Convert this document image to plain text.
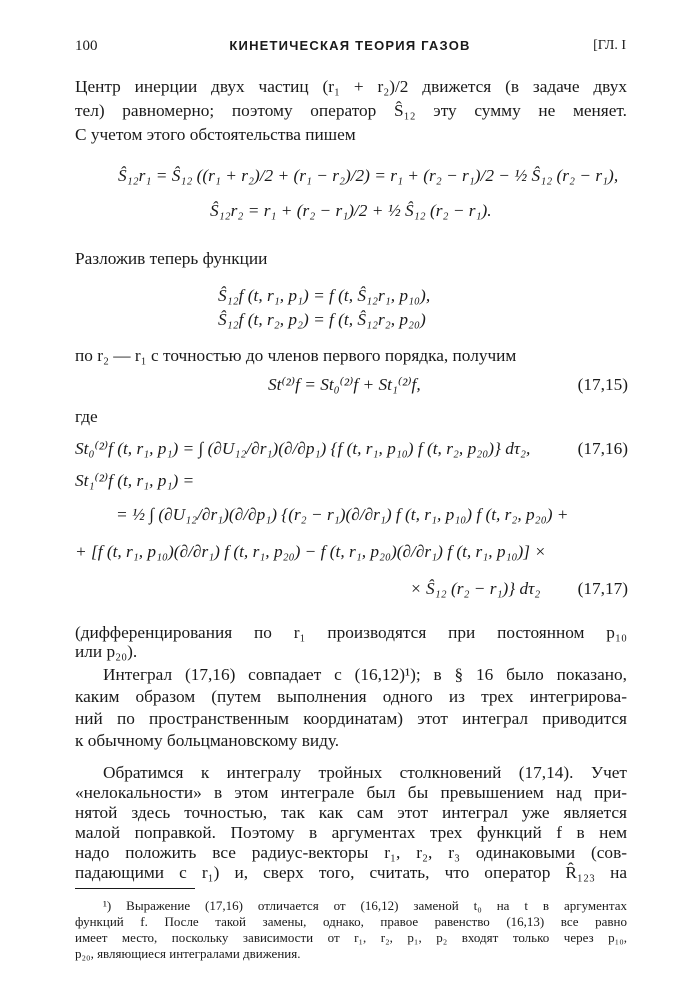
100	КИНЕТИЧЕСКАЯ ТЕОРИЯ ГАЗОВ	[ГЛ. I
Центр инерции двух частиц (r₁ + r₂)/2 движется (в задаче двух
тел) равномерно; поэтому оператор Ŝ₁₂ эту сумму не меняет.
С учетом этого обстоятельства пишем
Ŝ₁₂r₁ = Ŝ₁₂ ((r₁ + r₂)/2 + (r₁ − r₂)/2) = r₁ + (r₂ − r₁)/2 − ½ Ŝ₁₂ (r₂ − r₁),
Ŝ₁₂r₂ = r₁ + (r₂ − r₁)/2 + ½ Ŝ₁₂ (r₂ − r₁).
Разложив теперь функции
Ŝ₁₂f (t, r₁, p₁) = f (t, Ŝ₁₂r₁, p₁₀),
Ŝ₁₂f (t, r₂, p₂) = f (t, Ŝ₁₂r₂, p₂₀)
по r₂ — r₁ с точностью до членов первого порядка, получим
St⁽²⁾f = St₀⁽²⁾f + St₁⁽²⁾f,	(17,15)
где
St₀⁽²⁾f (t, r₁, p₁) = ∫ (∂U₁₂/∂r₁)(∂/∂p₁) {f (t, r₁, p₁₀) f (t, r₂, p₂₀)} dτ₂,	(17,16)
St₁⁽²⁾f (t, r₁, p₁) =
= ½ ∫ (∂U₁₂/∂r₁)(∂/∂p₁) {(r₂ − r₁)(∂/∂r₁) f (t, r₁, p₁₀) f (t, r₂, p₂₀) +
+ [f (t, r₁, p₁₀)(∂/∂r₁) f (t, r₁, p₂₀) − f (t, r₁, p₂₀)(∂/∂r₁) f (t, r₁, p₁₀)] ×
× Ŝ₁₂ (r₂ − r₁)} dτ₂ (17,17)
(дифференцирования по r₁ производятся при постоянном p₁₀
или p₂₀).
Интеграл (17,16) совпадает с (16,12)¹); в § 16 было показано,
каким образом (путем выполнения одного из трех интегрирова-
ний по пространственным координатам) этот интеграл приводится
к обычному больцмановскому виду.
Обратимся к интегралу тройных столкновений (17,14). Учет
«нелокальности» в этом интеграле был бы превышением над при-
нятой здесь точностью, так как сам этот интеграл уже является
малой поправкой. Поэтому в аргументах трех функций f в нем
надо положить все радиус-векторы r₁, r₂, r₃ одинаковыми (сов-
падающими с r₁) и, сверх того, считать, что оператор R̂₁₂₃ на
¹) Выражение (17,16) отличается от (16,12) заменой t₀ на t в аргументах
функций f. После такой замены, однако, правое равенство (16,13) все равно
имеет место, поскольку зависимости от r₁, r₂, p₁, p₂ входят только через p₁₀,
p₂₀, являющиеся интегралами движения.
